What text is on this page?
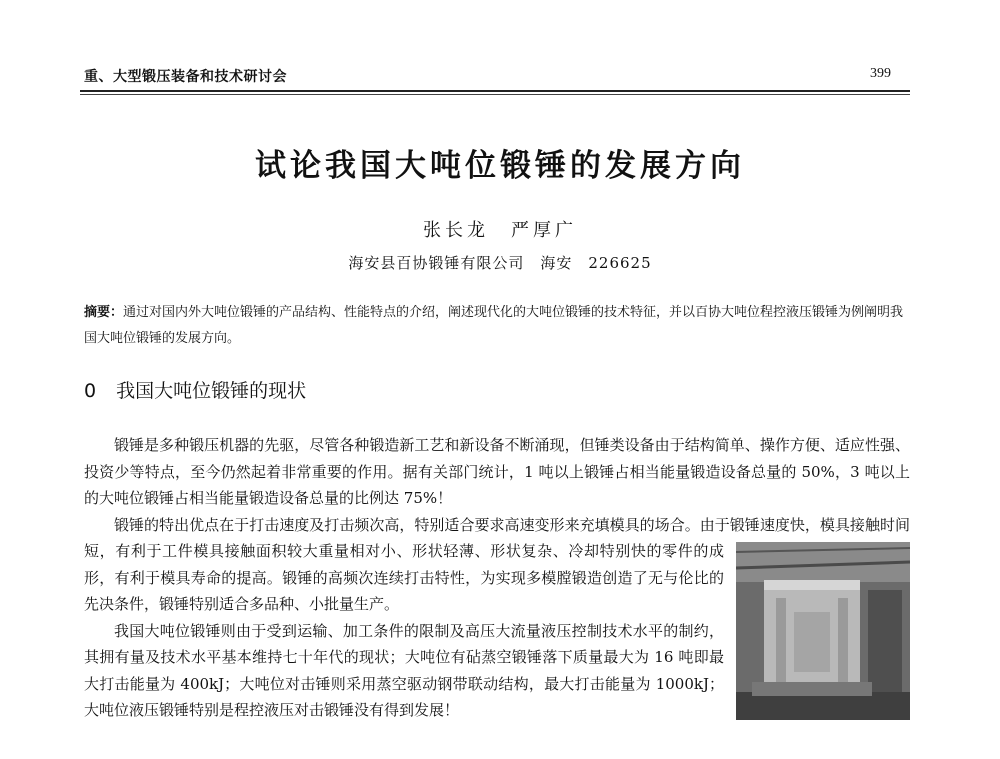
重、大型锻压装备和技术研讨会	399
试论我国大吨位锻锤的发展方向
张长龙　严厚广
海安县百协锻锤有限公司　海安　226625
摘要：通过对国内外大吨位锻锤的产品结构、性能特点的介绍，阐述现代化的大吨位锻锤的技术特征，并以百协大吨位程控液压锻锤为例阐明我国大吨位锻锤的发展方向。
0 我国大吨位锻锤的现状

锻锤是多种锻压机器的先驱，尽管各种锻造新工艺和新设备不断涌现，但锤类设备由于结构简单、操作方便、适应性强、投资少等特点，至今仍然起着非常重要的作用。据有关部门统计，1 吨以上锻锤占相当能量锻造设备总量的 50%，3 吨以上的大吨位锻锤占相当能量锻造设备总量的比例达 75%！

锻锤的特出优点在于打击速度及打击频次高，特别适合要求高速变形来充填模具的场合。由于锻锤速度快，模具接触时间短，有利于工件模具接触面积较大重量相对小、形状轻薄、形状复杂、冷却特别快的
零件的成形，有利于模具寿命的提高。锻锤的高频次连续打击特性，为实现多模膛锻造创造了无与伦比的先决条件，锻锤特别适合多品种、小批量生产。

我国大吨位锻锤则由于受到运输、加工条件的限制及高压大流量液压控制技术水平的制约，其拥有量及技术水平基本维持七十年代的现状；大吨位有砧蒸空锻锤落下质量最大为 16 吨即最大打击能量为 400kJ；大吨位对击锤则采用蒸空驱动钢带联动结构，最大打击能量为 1000kJ；大吨位液压锻锤特别是程控液压对击锻锤没有得到发展！
